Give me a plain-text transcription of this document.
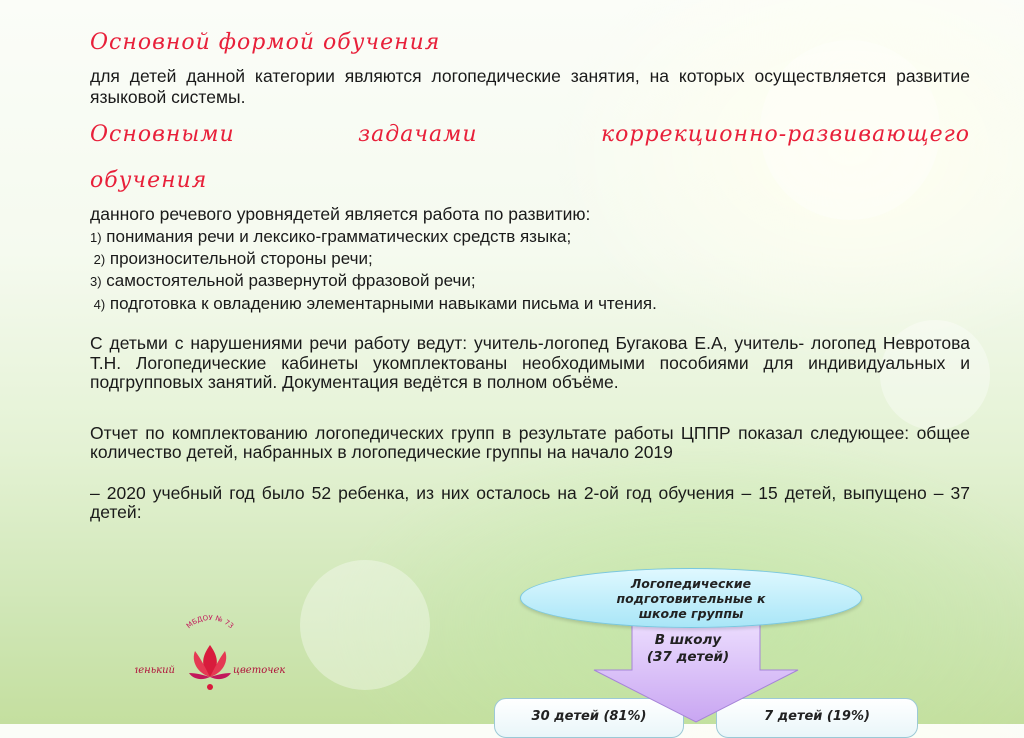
Основной формой обучения
для детей данной категории являются логопедические занятия, на которых осуществляется развитие языковой системы.
Основными задачами коррекционно-развивающего
обучения
данного речевого уровнядетей является работа по развитию:
1) понимания речи и лексико-грамматических средств языка;
2) произносительной стороны речи;
3) самостоятельной развернутой фразовой речи;
4) подготовка к овладению элементарными навыками письма и чтения.
С детьми с нарушениями речи работу ведут: учитель-логопед Бугакова Е.А, учитель- логопед Невротова Т.Н. Логопедические кабинеты укомплектованы необходимыми пособиями для индивидуальных и подгрупповых занятий. Документация ведётся в полном объёме.
Отчет по комплектованию логопедических групп в результате работы ЦППР показал следующее: общее количество детей, набранных в логопедические группы на начало 2019
– 2020 учебный год было 52 ребенка, из них осталось на 2-ой год обучения – 15 детей, выпущено – 37 детей:
МБДОУ № 73
енький	цветочек
Логопедические подготовительные к школе группы
В школу
(37 детей)
30 детей (81%)	7 детей (19%)
